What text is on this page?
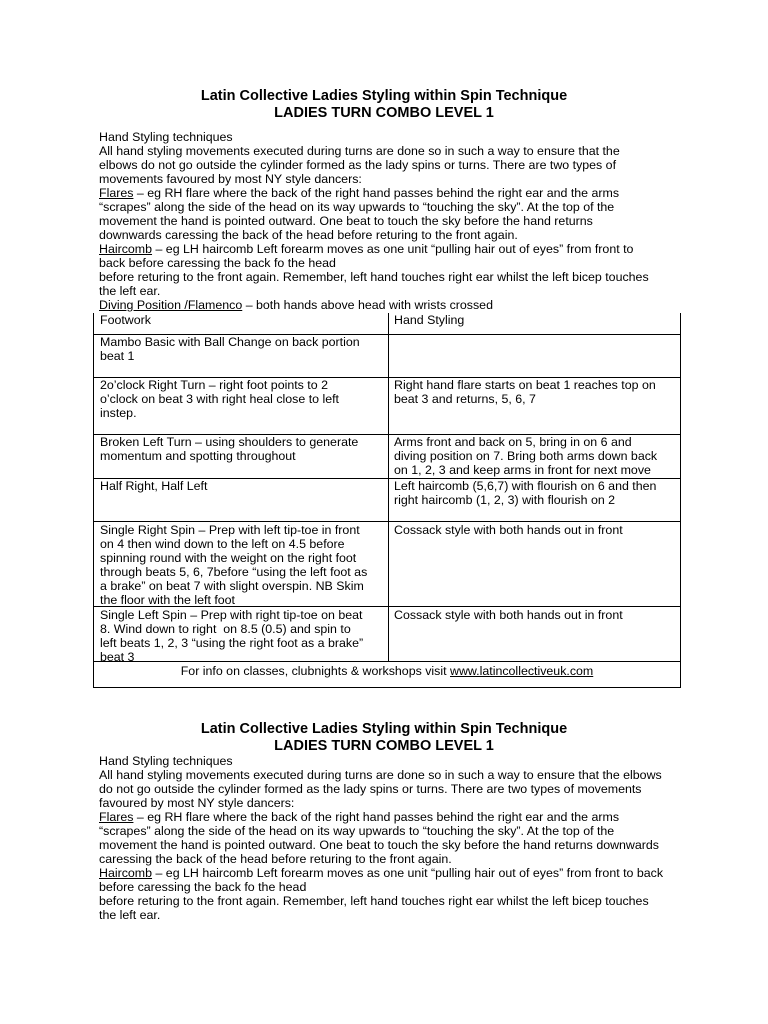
Latin Collective Ladies Styling within Spin Technique
LADIES TURN COMBO LEVEL 1
Hand Styling techniques
All hand styling movements executed during turns are done so in such a way to ensure that the
elbows do not go outside the cylinder formed as the lady spins or turns. There are two types of
movements favoured by most NY style dancers:
Flares – eg RH flare where the back of the right hand passes behind the right ear and the arms
“scrapes” along the side of the head on its way upwards to “touching the sky”. At the top of the
movement the hand is pointed outward. One beat to touch the sky before the hand returns
downwards caressing the back of the head before returing to the front again.
Haircomb – eg LH haircomb Left forearm moves as one unit “pulling hair out of eyes” from front to
back before caressing the back fo the head
before returing to the front again. Remember, left hand touches right ear whilst the left bicep touches
the left ear.
Diving Position /Flamenco – both hands above head with wrists crossed
Footwork	Hand Styling
Mambo Basic with Ball Change on back portion
beat 1
2o’clock Right Turn – right foot points to 2
o’clock on beat 3 with right heal close to left
instep.
Right hand flare starts on beat 1 reaches top on
beat 3 and returns, 5, 6, 7
Broken Left Turn – using shoulders to generate
momentum and spotting throughout
Arms front and back on 5, bring in on 6 and
diving position on 7. Bring both arms down back
on 1, 2, 3 and keep arms in front for next move
Half Right, Half Left	Left haircomb (5,6,7) with flourish on 6 and then
right haircomb (1, 2, 3) with flourish on 2
Single Right Spin – Prep with left tip-toe in front
on 4 then wind down to the left on 4.5 before
spinning round with the weight on the right foot
through beats 5, 6, 7before “using the left foot as
a brake” on beat 7 with slight overspin. NB Skim
the floor with the left foot
Cossack style with both hands out in front
Single Left Spin – Prep with right tip-toe on beat
8. Wind down to right  on 8.5 (0.5) and spin to
left beats 1, 2, 3 “using the right foot as a brake”
beat 3
Cossack style with both hands out in front
For info on classes, clubnights & workshops visit www.latincollectiveuk.com
Latin Collective Ladies Styling within Spin Technique
LADIES TURN COMBO LEVEL 1
Hand Styling techniques
All hand styling movements executed during turns are done so in such a way to ensure that the elbows
do not go outside the cylinder formed as the lady spins or turns. There are two types of movements
favoured by most NY style dancers:
Flares – eg RH flare where the back of the right hand passes behind the right ear and the arms
“scrapes” along the side of the head on its way upwards to “touching the sky”. At the top of the
movement the hand is pointed outward. One beat to touch the sky before the hand returns downwards
caressing the back of the head before returing to the front again.
Haircomb – eg LH haircomb Left forearm moves as one unit “pulling hair out of eyes” from front to back
before caressing the back fo the head
before returing to the front again. Remember, left hand touches right ear whilst the left bicep touches
the left ear.
